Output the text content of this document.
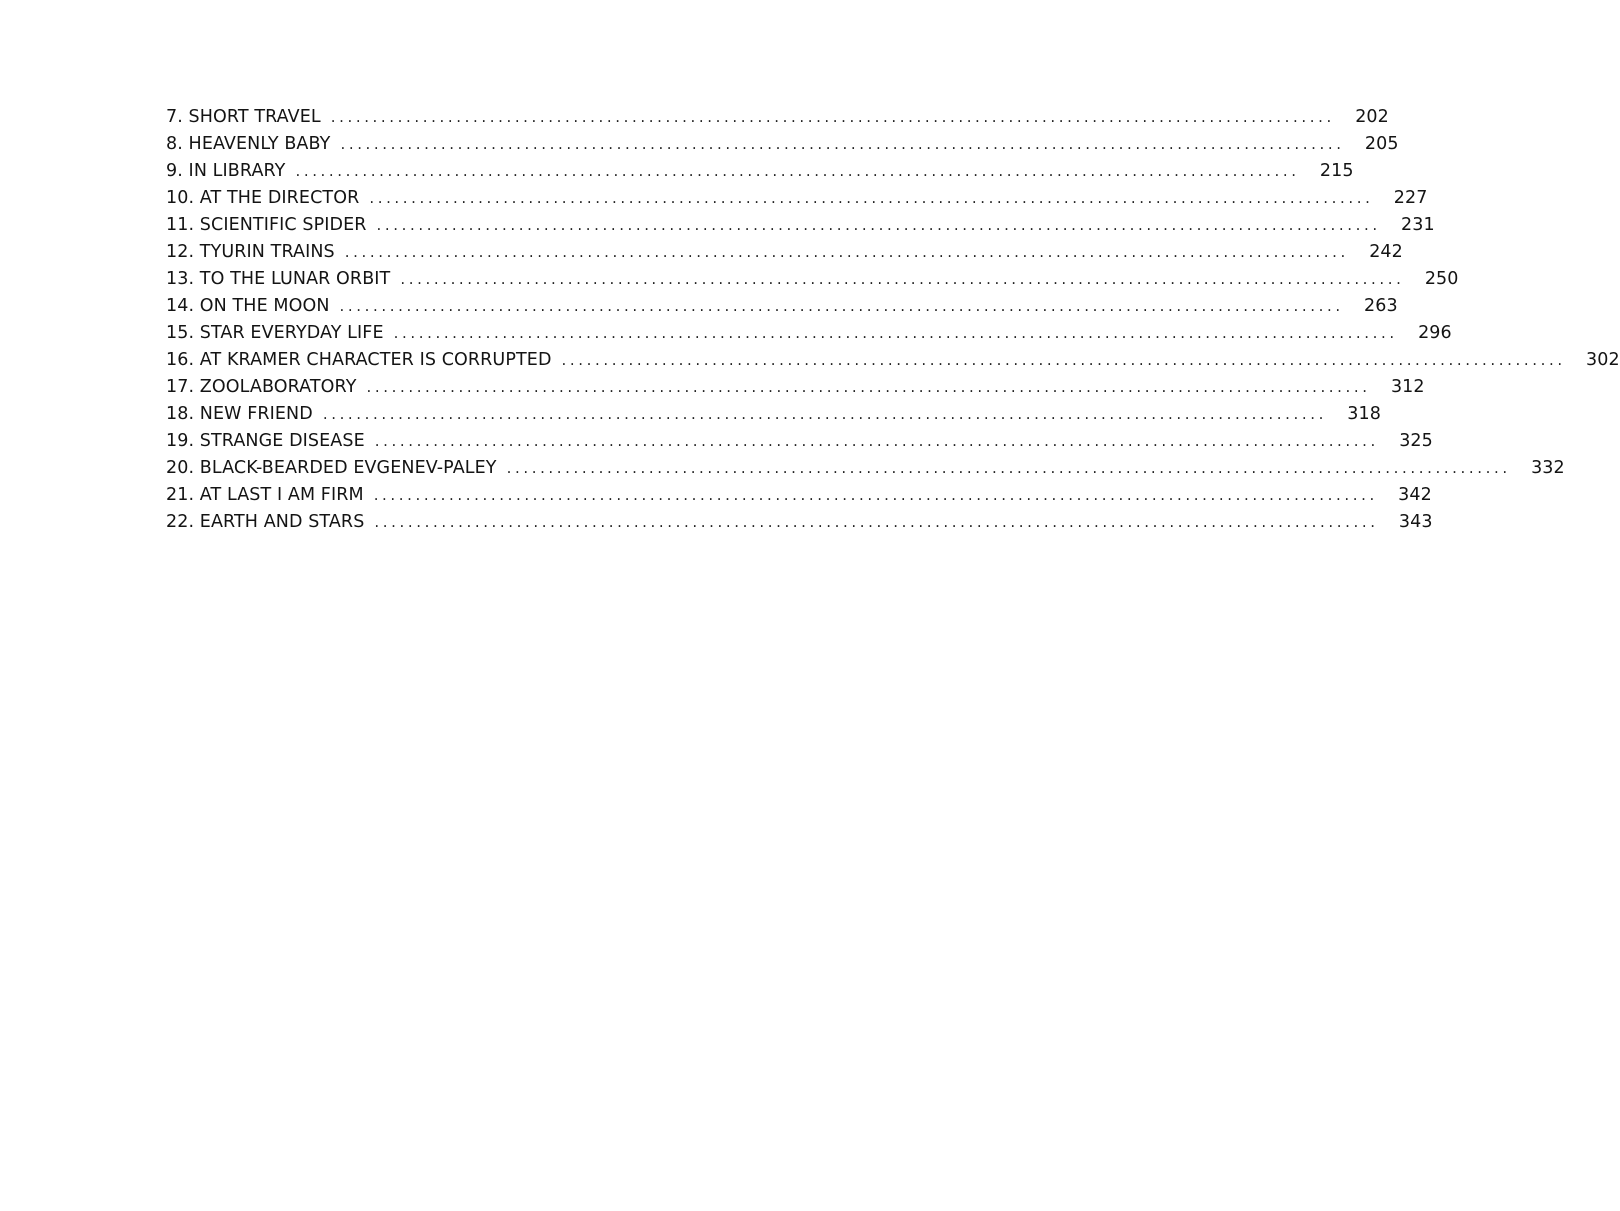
7. SHORT TRAVEL ........................................................................................................................	202
8. HEAVENLY BABY ........................................................................................................................	205
9. IN LIBRARY ........................................................................................................................	215
10. AT THE DIRECTOR ........................................................................................................................	227
11. SCIENTIFIC SPIDER ........................................................................................................................	231
12. TYURIN TRAINS ........................................................................................................................	242
13. TO THE LUNAR ORBIT ........................................................................................................................	250
14. ON THE MOON ........................................................................................................................	263
15. STAR EVERYDAY LIFE ........................................................................................................................	296
16. AT KRAMER CHARACTER IS CORRUPTED ........................................................................................................................	302
17. ZOOLABORATORY ........................................................................................................................	312
18. NEW FRIEND ........................................................................................................................	318
19. STRANGE DISEASE ........................................................................................................................	325
20. BLACK-BEARDED EVGENEV-PALEY ........................................................................................................................	332
21. AT LAST I AM FIRM ........................................................................................................................	342
22. EARTH AND STARS ........................................................................................................................	343
